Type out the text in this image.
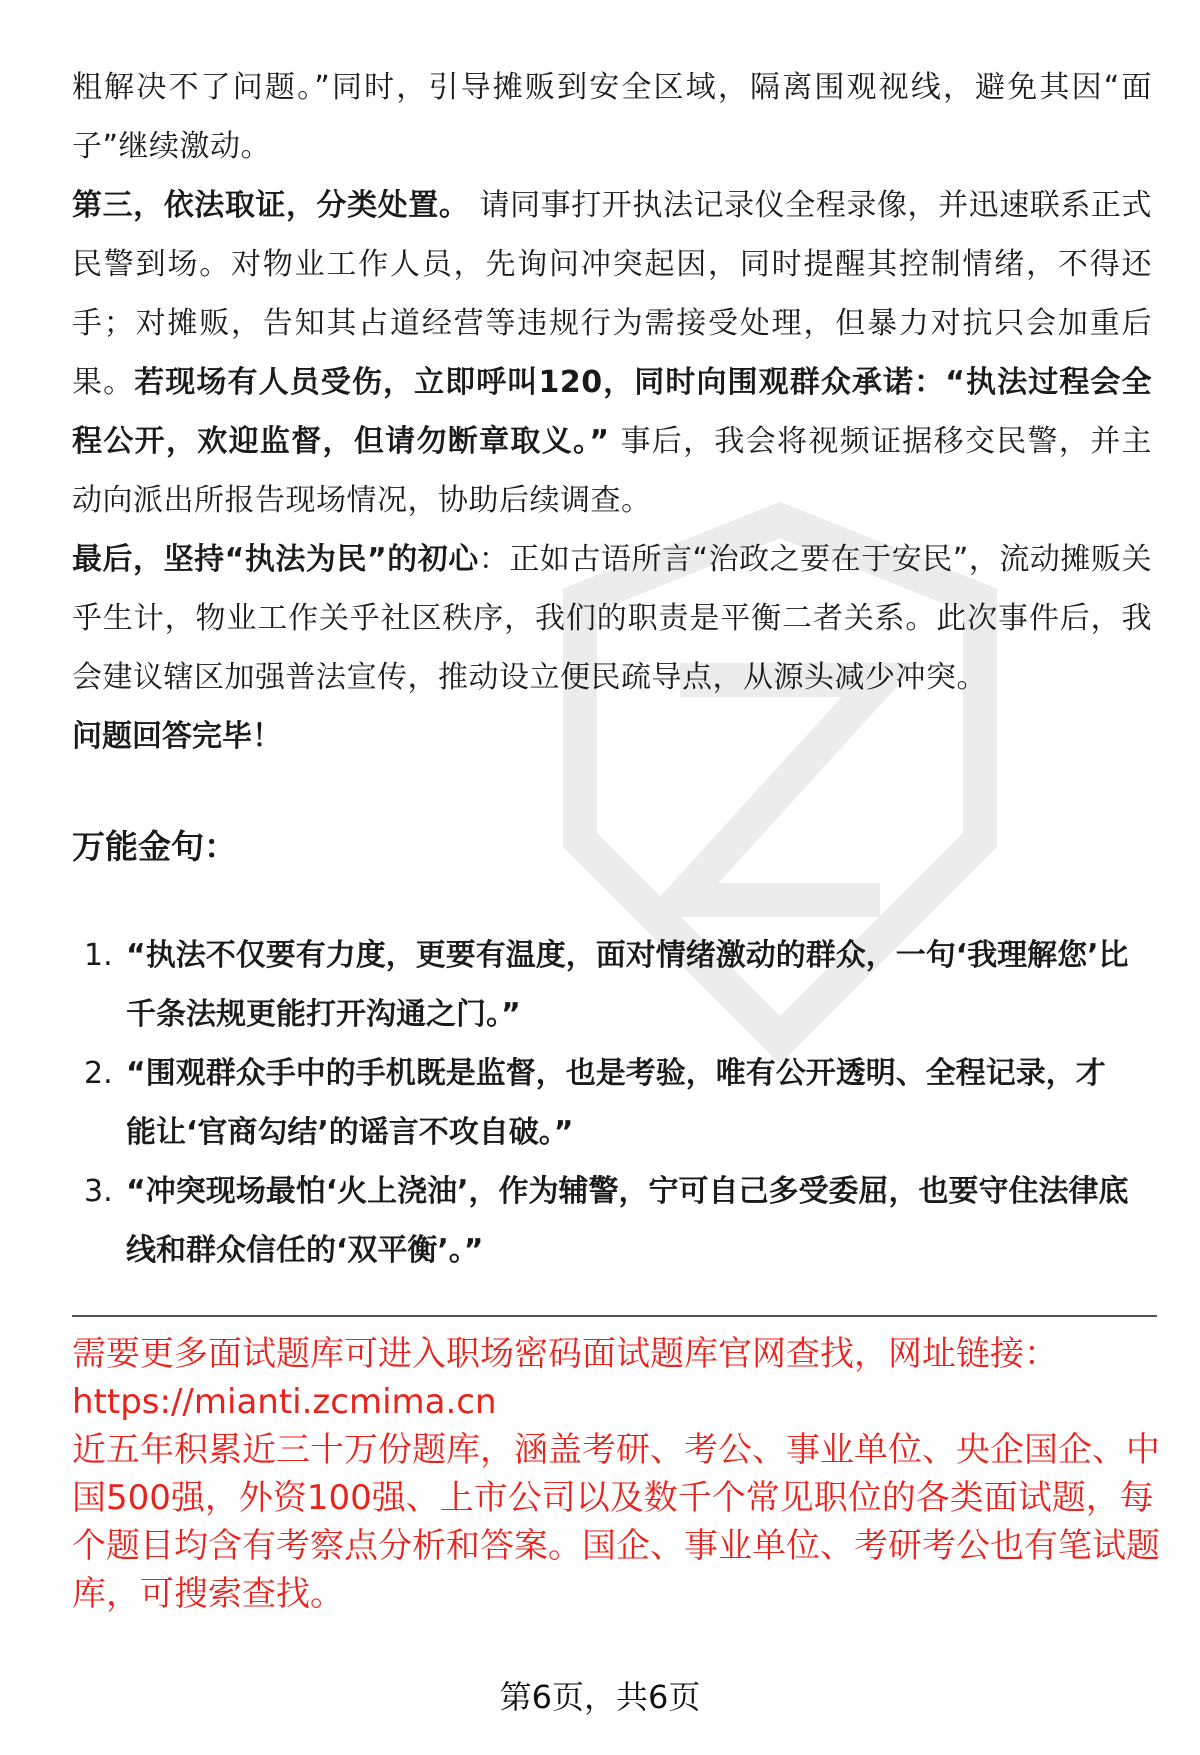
粗解决不了问题。”同时，引导摊贩到安全区域，隔离围观视线，避免其因“面子”继续激动。

第三，依法取证，分类处置。 请同事打开执法记录仪全程录像，并迅速联系正式民警到场。对物业工作人员，先询问冲突起因，同时提醒其控制情绪，不得还手；对摊贩，告知其占道经营等违规行为需接受处理，但暴力对抗只会加重后果。若现场有人员受伤，立即呼叫120，同时向围观群众承诺：“执法过程会全程公开，欢迎监督，但请勿断章取义。” 事后，我会将视频证据移交民警，并主动向派出所报告现场情况，协助后续调查。

最后，坚持“执法为民”的初心：正如古语所言“治政之要在于安民”，流动摊贩关乎生计，物业工作关乎社区秩序，我们的职责是平衡二者关系。此次事件后，我会建议辖区加强普法宣传，推动设立便民疏导点，从源头减少冲突。

问题回答完毕！

万能金句：
1. “执法不仅要有力度，更要有温度，面对情绪激动的群众，一句‘我理解您’比千条法规更能打开沟通之门。”
2. “围观群众手中的手机既是监督，也是考验，唯有公开透明、全程记录，才能让‘官商勾结’的谣言不攻自破。”
3. “冲突现场最怕‘火上浇油’，作为辅警，宁可自己多受委屈，也要守住法律底线和群众信任的‘双平衡’。”

需要更多面试题库可进入职场密码面试题库官网查找，网址链接：

https://mianti.zcmima.cn

近五年积累近三十万份题库，涵盖考研、考公、事业单位、央企国企、中国500强，外资100强、上市公司以及数千个常见职位的各类面试题，每个题目均含有考察点分析和答案。国企、事业单位、考研考公也有笔试题库，可搜索查找。

第6页，共6页
